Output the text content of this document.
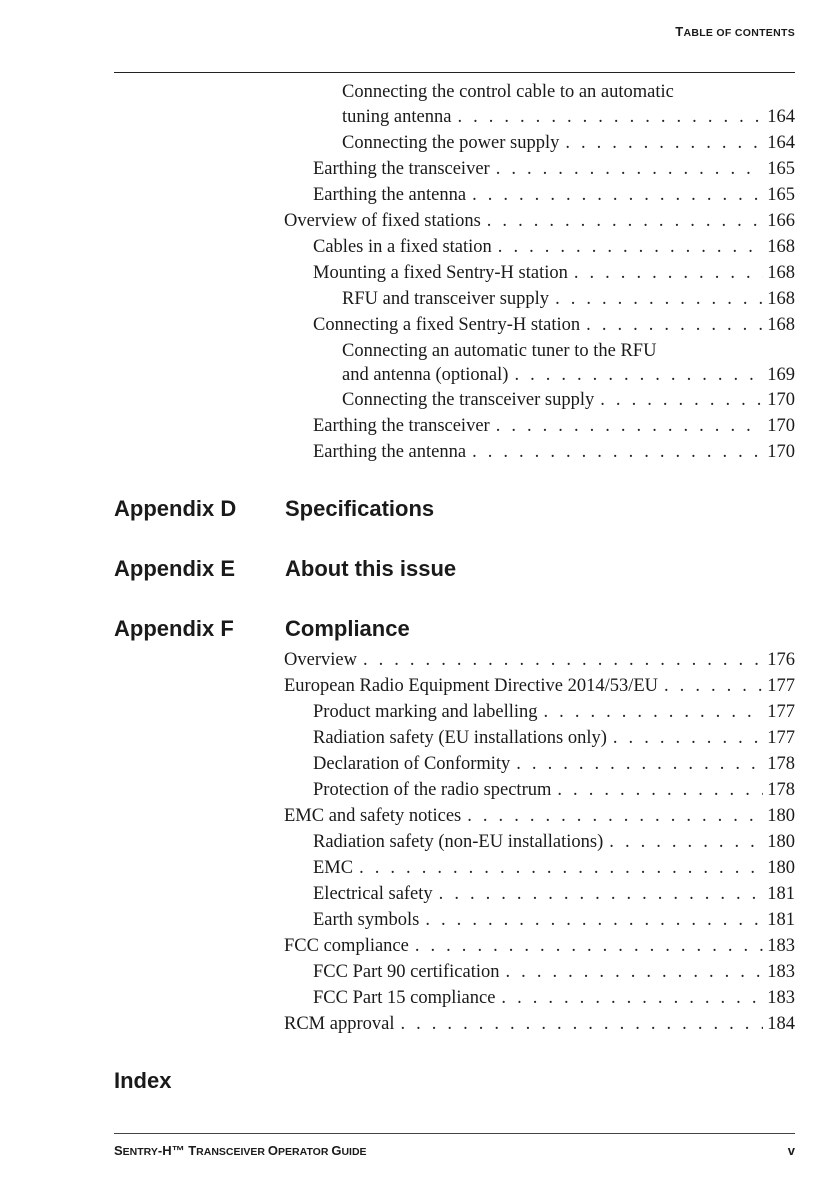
TABLE OF CONTENTS
Connecting the control cable to an automatic
tuning antenna . . .	164
Connecting the power supply . . .	164
Earthing the transceiver . . .	165
Earthing the antenna . . .	165
Overview of fixed stations . . .	166
Cables in a fixed station . . .	168
Mounting a fixed Sentry-H station . . .	168
RFU and transceiver supply . . .	168
Connecting a fixed Sentry-H station . . .	168
Connecting an automatic tuner to the RFU
and antenna (optional) . . .	169
Connecting the transceiver supply . . .	170
Earthing the transceiver . . .	170
Earthing the antenna . . .	170
Appendix D Specifications
Appendix E About this issue
Appendix F Compliance
Overview . . .	176
European Radio Equipment Directive 2014/53/EU . . .	177
Product marking and labelling . . .	177
Radiation safety (EU installations only) . . .	177
Declaration of Conformity . . .	178
Protection of the radio spectrum . . .	178
EMC and safety notices . . .	180
Radiation safety (non-EU installations) . . .	180
EMC . . .	180
Electrical safety . . .	181
Earth symbols . . .	181
FCC compliance . . .	183
FCC Part 90 certification . . .	183
FCC Part 15 compliance . . .	183
RCM approval . . .	184
Index
SENTRY-H™ TRANSCEIVER OPERATOR GUIDE	v
